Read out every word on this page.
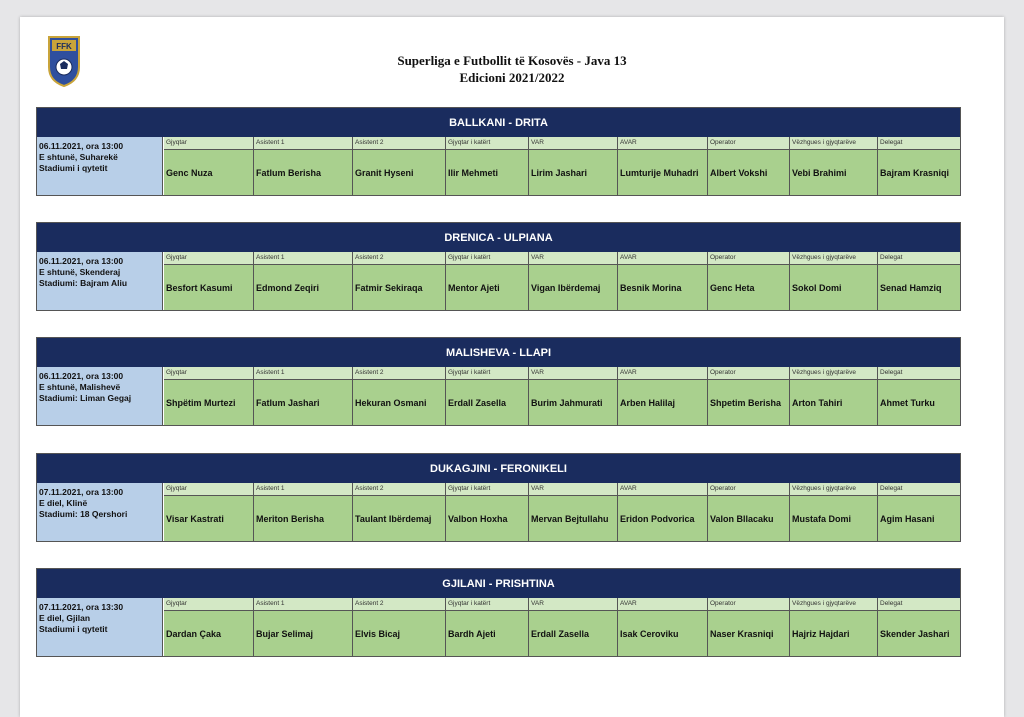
FFK
Superliga e Futbollit të Kosovës - Java 13
Edicioni 2021/2022
BALLKANI - DRITA
06.11.2021, ora 13:00
E shtunë, Suharekë
Stadiumi i qytetit
Gjyqtar
Genc Nuza
Asistent 1
Fatlum Berisha
Asistent 2
Granit Hyseni
Gjyqtar i katërt
Ilir Mehmeti
VAR
Lirim Jashari
AVAR
Lumturije Muhadri
Operator
Albert Vokshi
Vëzhgues i gjyqtarëve
Vebi Brahimi
Delegat
Bajram Krasniqi
DRENICA - ULPIANA
06.11.2021, ora 13:00
E shtunë, Skenderaj
Stadiumi: Bajram Aliu
Gjyqtar
Besfort Kasumi
Asistent 1
Edmond Zeqiri
Asistent 2
Fatmir Sekiraqa
Gjyqtar i katërt
Mentor Ajeti
VAR
Vigan Ibërdemaj
AVAR
Besnik Morina
Operator
Genc Heta
Vëzhgues i gjyqtarëve
Sokol Domi
Delegat
Senad Hamziq
MALISHEVA - LLAPI
06.11.2021, ora 13:00
E shtunë, Malishevë
Stadiumi: Liman Gegaj
Gjyqtar
Shpëtim Murtezi
Asistent 1
Fatlum Jashari
Asistent 2
Hekuran Osmani
Gjyqtar i katërt
Erdall Zasella
VAR
Burim Jahmurati
AVAR
Arben Halilaj
Operator
Shpetim Berisha
Vëzhgues i gjyqtarëve
Arton Tahiri
Delegat
Ahmet Turku
DUKAGJINI - FERONIKELI
07.11.2021, ora 13:00
E diel, Klinë
Stadiumi: 18 Qershori
Gjyqtar
Visar Kastrati
Asistent 1
Meriton Berisha
Asistent 2
Taulant Ibërdemaj
Gjyqtar i katërt
Valbon Hoxha
VAR
Mervan Bejtullahu
AVAR
Eridon Podvorica
Operator
Valon Bllacaku
Vëzhgues i gjyqtarëve
Mustafa Domi
Delegat
Agim Hasani
GJILANI - PRISHTINA
07.11.2021, ora 13:30
E diel, Gjilan
Stadiumi i qytetit
Gjyqtar
Dardan Çaka
Asistent 1
Bujar Selimaj
Asistent 2
Elvis Bicaj
Gjyqtar i katërt
Bardh Ajeti
VAR
Erdall Zasella
AVAR
Isak Ceroviku
Operator
Naser Krasniqi
Vëzhgues i gjyqtarëve
Hajriz Hajdari
Delegat
Skender Jashari
